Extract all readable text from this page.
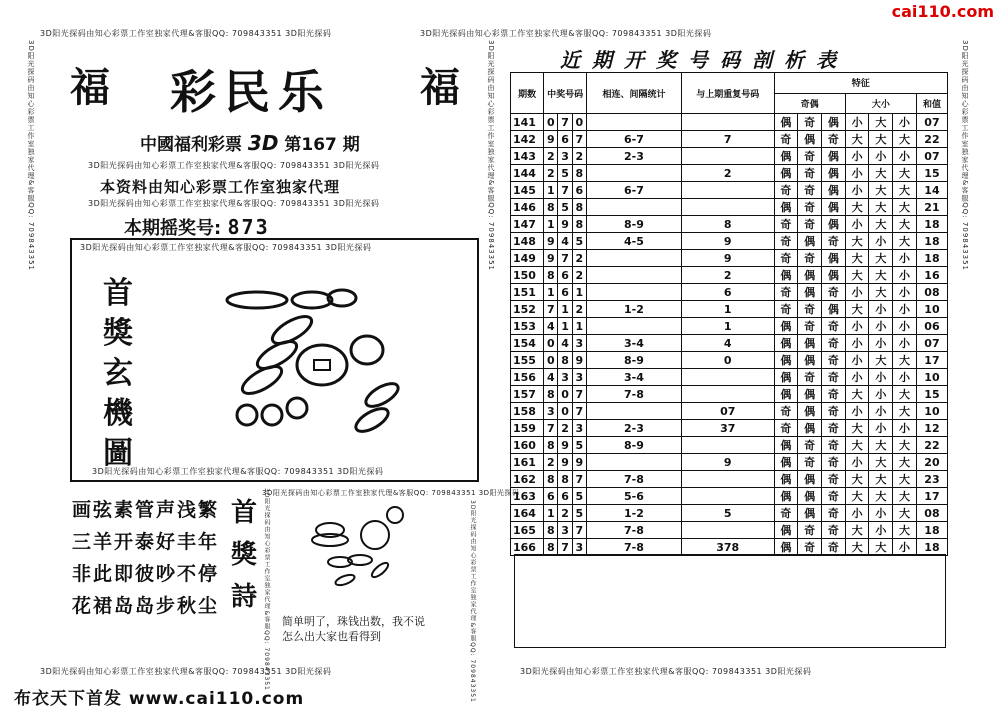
cai110.com
3D阳光探码由知心彩票工作室独家代理&客服QQ: 709843351 3D阳光探码	3D阳光探码由知心彩票工作室独家代理&客服QQ: 709843351 3D阳光探码
3D阳光探码由知心彩票工作室独家代理&客服QQ: 709843351 3D阳光探码	3D阳光探码由知心彩票工作室独家代理&客服QQ: 709843351 3D阳光探码
3D阳光探码由知心彩票工作室独家代理&客服QQ: 709843351	3D阳光探码由知心彩票工作室独家代理&客服QQ: 709843351
3D阳光探码由知心彩票工作室独家代理&客服QQ: 709843351
福 彩民乐 福
中國福利彩票 3D 第167 期
3D阳光探码由知心彩票工作室独家代理&客服QQ: 709843351 3D阳光探码
本资料由知心彩票工作室独家代理
3D阳光探码由知心彩票工作室独家代理&客服QQ: 709843351 3D阳光探码
本期摇奖号: 873
3D阳光探码由知心彩票工作室独家代理&客服QQ: 709843351 3D阳光探码
3D阳光探码由知心彩票工作室独家代理&客服QQ: 709843351 3D阳光探码
首
獎
玄
機
圖
画弦素管声浅繁
三羊开泰好丰年
非此即彼吵不停
花裙岛岛步秋尘
首
獎
詩	3D阳光探码由知心彩票工作室独家代理&客服QQ: 709843351
3D阳光探码由知心彩票工作室独家代理&客服QQ: 709843351 3D阳光探码
3D阳光探码由知心彩票工作室独家代理&客服QQ: 709843351
简单明了，珠钱出数，我不说
怎么出大家也看得到
布衣天下首发 www.cai110.com
近期开奖号码剖析表
期数	中奖号码			相连、间隔统计	与上期重复号码	特征						
						奇偶			大小			和值
141	0	7	0			偶	奇	偶	小	大	小	07
142	9	6	7	6-7	7	奇	偶	奇	大	大	大	22
143	2	3	2	2-3		偶	奇	偶	小	小	小	07
144	2	5	8		2	偶	奇	偶	小	大	大	15
145	1	7	6	6-7		奇	奇	偶	小	大	大	14
146	8	5	8			偶	奇	偶	大	大	大	21
147	1	9	8	8-9	8	奇	奇	偶	小	大	大	18
148	9	4	5	4-5	9	奇	偶	奇	大	小	大	18
149	9	7	2		9	奇	奇	偶	大	大	小	18
150	8	6	2		2	偶	偶	偶	大	大	小	16
151	1	6	1		6	奇	偶	奇	小	大	小	08
152	7	1	2	1-2	1	奇	奇	偶	大	小	小	10
153	4	1	1		1	偶	奇	奇	小	小	小	06
154	0	4	3	3-4	4	偶	偶	奇	小	小	小	07
155	0	8	9	8-9	0	偶	偶	奇	小	大	大	17
156	4	3	3	3-4		偶	奇	奇	小	小	小	10
157	8	0	7	7-8		偶	偶	奇	大	小	大	15
158	3	0	7		07	奇	偶	奇	小	小	大	10
159	7	2	3	2-3	37	奇	偶	奇	大	小	小	12
160	8	9	5	8-9		偶	奇	奇	大	大	大	22
161	2	9	9		9	偶	奇	奇	小	大	大	20
162	8	8	7	7-8		偶	偶	奇	大	大	大	23
163	6	6	5	5-6		偶	偶	奇	大	大	大	17
164	1	2	5	1-2	5	奇	偶	奇	小	小	大	08
165	8	3	7	7-8		偶	奇	奇	大	小	大	18
166	8	7	3	7-8	378	偶	奇	奇	大	大	小	18
